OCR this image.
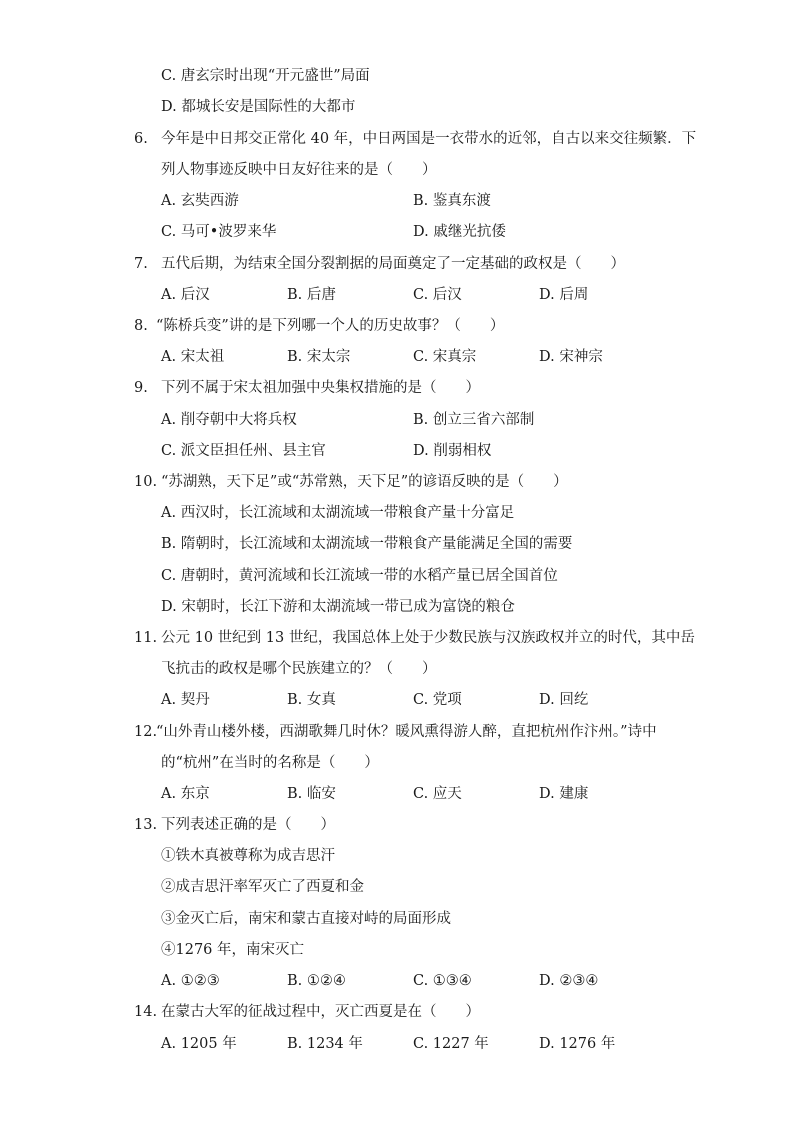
C. 唐玄宗时出现“开元盛世”局面
D. 都城长安是国际性的大都市
6. 今年是中日邦交正常化 40 年，中日两国是一衣带水的近邻，自古以来交往频繁．下
列人物事迹反映中日友好往来的是（　　）
A. 玄奘西游	B. 鉴真东渡
C. 马可•波罗来华	D. 戚继光抗倭
7. 五代后期，为结束全国分裂割据的局面奠定了一定基础的政权是（　　）
A. 后汉	B. 后唐	C. 后汉	D. 后周
8. “陈桥兵变”讲的是下列哪一个人的历史故事？（　　）
A. 宋太祖	B. 宋太宗	C. 宋真宗	D. 宋神宗
9. 下列不属于宋太祖加强中央集权措施的是（　　）
A. 削夺朝中大将兵权	B. 创立三省六部制
C. 派文臣担任州、县主官	D. 削弱相权
10. “苏湖熟，天下足”或“苏常熟，天下足”的谚语反映的是（　　）
A. 西汉时，长江流域和太湖流域一带粮食产量十分富足
B. 隋朝时，长江流域和太湖流域一带粮食产量能满足全国的需要
C. 唐朝时，黄河流域和长江流域一带的水稻产量已居全国首位
D. 宋朝时，长江下游和太湖流域一带已成为富饶的粮仓
11. 公元 10 世纪到 13 世纪，我国总体上处于少数民族与汉族政权并立的时代，其中岳
飞抗击的政权是哪个民族建立的？（　　）
A. 契丹	B. 女真	C. 党项	D. 回纥
12.
“山外青山楼外楼，西湖歌舞几时休？暖风熏得游人醉，直把杭州作汴州。”诗中
的“杭州”在当时的名称是（　　）
A. 东京	B. 临安	C. 应天	D. 建康
13. 下列表述正确的是（　　）
①铁木真被尊称为成吉思汗
②成吉思汗率军灭亡了西夏和金
③金灭亡后，南宋和蒙古直接对峙的局面形成
④1276 年，南宋灭亡
A. ①②③	B. ①②④	C. ①③④	D. ②③④
14. 在蒙古大军的征战过程中，灭亡西夏是在（　　）
A. 1205 年	B. 1234 年	C. 1227 年	D. 1276 年
